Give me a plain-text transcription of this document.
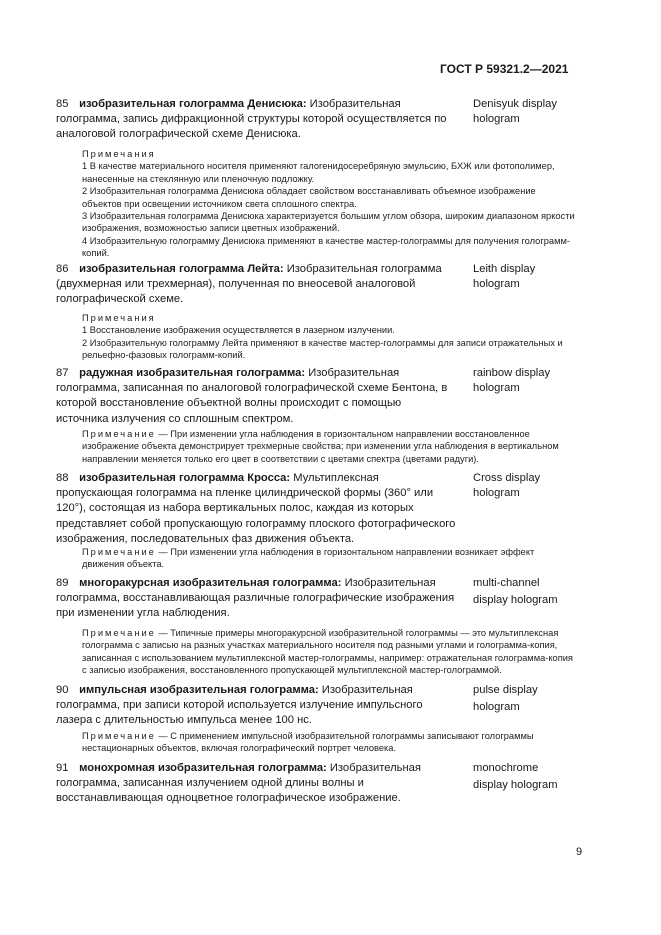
ГОСТ Р 59321.2—2021
85 изобразительная голограмма Денисюка: Изобразительная голограмма, запись дифракционной структуры которой осуществляется по аналоговой голографической схеме Денисюка.
Denisyuk display
hologram

Примечания

1 В качестве материального носителя применяют галогенидосеребряную эмульсию, БХЖ или фотополимер, нанесенные на стеклянную или пленочную подложку.

2 Изобразительная голограмма Денисюка обладает свойством восстанавливать объемное изображение объектов при освещении источником света сплошного спектра.

3 Изобразительная голограмма Денисюка характеризуется большим углом обзора, широким диапазоном яркости изображения, возможностью записи цветных изображений.

4 Изобразительную голограмму Денисюка применяют в качестве мастер-голограммы для получения голограмм-копий.

86 изобразительная голограмма Лейта: Изобразительная голограмма (двухмерная или трехмерная), полученная по внеосевой аналоговой голографической схеме.
Leith display
hologram

Примечания

1 Восстановление изображения осуществляется в лазерном излучении.

2 Изобразительную голограмму Лейта применяют в качестве мастер-голограммы для записи отражательных и рельефно-фазовых голограмм-копий.

87 радужная изобразительная голограмма: Изобразительная голограмма, записанная по аналоговой голографической схеме Бентона, в которой восстановление объектной волны происходит с помощью источника излучения со сплошным спектром.
rainbow display
hologram

Примечание — При изменении угла наблюдения в горизонтальном направлении восстановленное изображение объекта демонстрирует трехмерные свойства; при изменении угла наблюдения в вертикальном направлении меняется только его цвет в соответствии с цветами спектра (цветами радуги).

88 изобразительная голограмма Кросса: Мультиплексная пропускающая голограмма на пленке цилиндрической формы (360° или 120°), состоящая из набора вертикальных полос, каждая из которых представляет собой пропускающую голограмму плоского фотографического изображения, последовательных фаз движения объекта.
Cross display
hologram

Примечание — При изменении угла наблюдения в горизонтальном направлении возникает эффект движения объекта.

89 многоракурсная изобразительная голограмма: Изобразительная голограмма, восстанавливающая различные голографические изображения при изменении угла наблюдения.
multi-channel
display hologram

Примечание — Типичные примеры многоракурсной изобразительной голограммы — это мультиплексная голограмма с записью на разных участках материального носителя под разными углами и голограмма-копия, записанная с использованием мультиплексной мастер-голограммы, например: отражательная голограмма-копия с записью изображения, восстановленного пропускающей мультиплексной мастер-голограммой.

90 импульсная изобразительная голограмма: Изобразительная голограмма, при записи которой используется излучение импульсного лазера с длительностью импульса менее 100 нс.
pulse display
hologram

Примечание — С применением импульсной изобразительной голограммы записывают голограммы нестационарных объектов, включая голографический портрет человека.

91 монохромная изобразительная голограмма: Изобразительная голограмма, записанная излучением одной длины волны и восстанавливающая одноцветное голографическое изображение.
monochrome
display hologram
9
